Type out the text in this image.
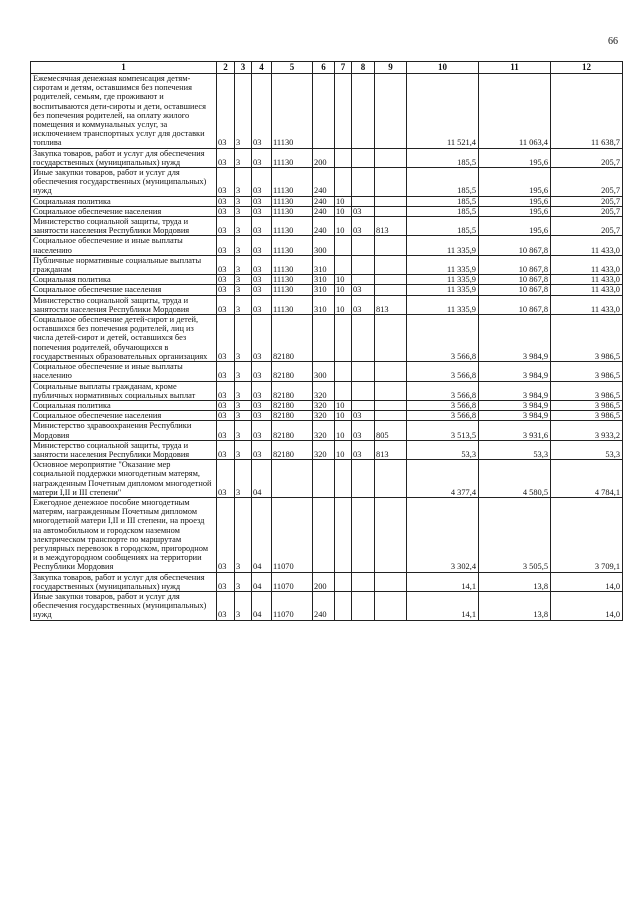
66
1	2	3	4	5	6	7	8	9	10	11	12
Ежемесячная денежная компенсация детям-сиротам и детям, оставшимся без попечения родителей, семьям, где проживают и воспитываются дети-сироты и дети, оставшиеся без попечения родителей, на оплату жилого помещения и коммунальных услуг, за исключением транспортных услуг для доставки топлива	03	3	03	11130					11 521,4	11 063,4	11 638,7
Закупка товаров, работ и услуг для обеспечения государственных (муниципальных) нужд	03	3	03	11130	200				185,5	195,6	205,7
Иные закупки товаров, работ и услуг для обеспечения государственных (муниципальных) нужд	03	3	03	11130	240				185,5	195,6	205,7
Социальная политика	03	3	03	11130	240	10			185,5	195,6	205,7
Социальное обеспечение населения	03	3	03	11130	240	10	03		185,5	195,6	205,7
Министерство социальной защиты, труда и занятости населения Республики Мордовия	03	3	03	11130	240	10	03	813	185,5	195,6	205,7
Социальное обеспечение и иные выплаты населению	03	3	03	11130	300				11 335,9	10 867,8	11 433,0
Публичные нормативные социальные выплаты гражданам	03	3	03	11130	310				11 335,9	10 867,8	11 433,0
Социальная политика	03	3	03	11130	310	10			11 335,9	10 867,8	11 433,0
Социальное обеспечение населения	03	3	03	11130	310	10	03		11 335,9	10 867,8	11 433,0
Министерство социальной защиты, труда и занятости населения Республики Мордовия	03	3	03	11130	310	10	03	813	11 335,9	10 867,8	11 433,0
Социальное обеспечение детей-сирот и детей, оставшихся без попечения родителей, лиц из числа детей-сирот и детей, оставшихся без попечения родителей, обучающихся в государственных образовательных организациях	03	3	03	82180					3 566,8	3 984,9	3 986,5
Социальное обеспечение и иные выплаты населению	03	3	03	82180	300				3 566,8	3 984,9	3 986,5
Социальные выплаты гражданам, кроме публичных нормативных социальных выплат	03	3	03	82180	320				3 566,8	3 984,9	3 986,5
Социальная политика	03	3	03	82180	320	10			3 566,8	3 984,9	3 986,5
Социальное обеспечение населения	03	3	03	82180	320	10	03		3 566,8	3 984,9	3 986,5
Министерство здравоохранения Республики Мордовия	03	3	03	82180	320	10	03	805	3 513,5	3 931,6	3 933,2
Министерство социальной защиты, труда и занятости населения Республики Мордовия	03	3	03	82180	320	10	03	813	53,3	53,3	53,3
Основное мероприятие "Оказание мер социальной поддержки многодетным матерям, награжденным Почетным дипломом многодетной матери I,II и III степени"	03	3	04						4 377,4	4 580,5	4 784,1
Ежегодное денежное пособие многодетным матерям, награжденным Почетным дипломом многодетной матери I,II и III степени, на проезд на автомобильном и городском наземном электрическом транспорте по маршрутам регулярных перевозок в городском, пригородном и в междугородном сообщениях на территории Республики Мордовия	03	3	04	11070					3 302,4	3 505,5	3 709,1
Закупка товаров, работ и услуг для обеспечения государственных (муниципальных) нужд	03	3	04	11070	200				14,1	13,8	14,0
Иные закупки товаров, работ и услуг для обеспечения государственных (муниципальных) нужд	03	3	04	11070	240				14,1	13,8	14,0
